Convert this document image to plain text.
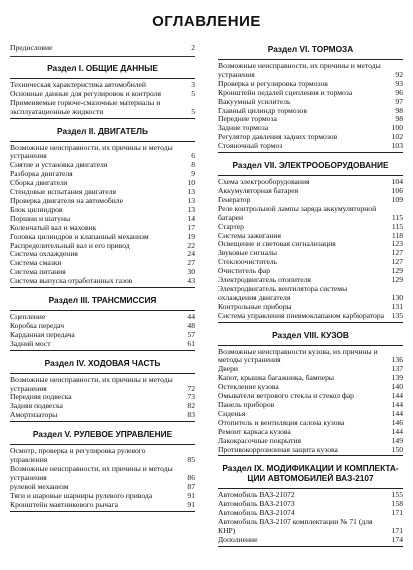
ОГЛАВЛЕНИЕ
Предисловие	2
Раздел I. ОБЩИЕ ДАННЫЕ
Техническая характеристика автомобилей	3
Основные данные для регулировок и контроля	5
Применяемые горюче-смазочные материалы и эксплуатационные жидкости	5
Раздел II. ДВИГАТЕЛЬ
Возможные неисправности, их причины и методы устранения	6
Снятие и установка двигателя	8
Разборка двигателя	9
Сборка двигателя	10
Стендовые испытания двигателя	13
Проверка двигателя на автомобиле	13
Блок цилиндров	13
Поршни и шатуны	14
Коленчатый вал и маховик	17
Головка цилиндров и клапанный механизм	19
Распределительный вал и его привод	22
Система охлаждения	24
Система смазки	27
Система питания	30
Система выпуска отработанных газов	43
Раздел III. ТРАНСМИССИЯ
Сцепление	44
Коробка передач	48
Карданная передача	57
Задний мост	61
Раздел IV. ХОДОВАЯ ЧАСТЬ
Возможные неисправности, их причины и методы устранения	72
Передняя подвеска	73
Задняя подвеска	82
Амортизаторы	83
Раздел V. РУЛЕВОЕ УПРАВЛЕНИЕ
Осмотр, проверка и регулировка рулевого управления	85
Возможные неисправности, их причины и методы устранения	86
рулевой механизм	87
Тяги и шаровые шарниры рулевого привода	91
Кронштейн маятникового рычага	91
Раздел VI. ТОРМОЗА
Возможные неисправности, их причины и методы устранения	92
Проверка и регулировка тормозов	93
Кронштейн педалей сцепления и тормоза	96
Вакуумный усилитель	97
Главный цилиндр тормозов	98
Передние тормоза	98
Задние тормоза	100
Регулятор давления задних тормозов	102
Стояночный тормоз	103
Раздел VII. ЭЛЕКТРООБОРУДОВАНИЕ
Схема электрооборудования	104
Аккумуляторная батарея	106
Генератор	109
Реле контрольной лампы заряда аккумуляторной батареи	115
Стартер	115
Система зажигания	118
Освещение и световая сигнализация	123
Звуковые сигналы	127
Стеклоочиститель	127
Очиститель фар	129
Электродвигатель отопителя	129
Электродвигатель вентилятора системы охлаждения двигателя	130
Контрольные приборы	131
Система управления пневмоклапаном карбюратора	135
Раздел VIII. КУЗОВ
Возможные неисправности кузова, их причины и методы устранения	136
Двери	137
Капот, крышка багажника, бамперы	139
Остекление кузова	140
Омыватели ветрового стекла и стекол фар	144
Панель приборов	144
Сиденья	144
Отопитель и вентиляция салона кузова	146
Ремонт каркаса кузова	144
Лакокрасочные покрытия	149
Противокоррозионная защита кузова	150
Раздел IX. МОДИФИКАЦИИ И КОМПЛЕКТА-
ЦИИ АВТОМОБИЛЕЙ ВАЗ-2107
Автомобиль ВАЗ-21072	155
Автомобиль ВАЗ-21073	158
Автомобиль ВАЗ-21074	171
Автомобиль ВАЗ-2107 комплектации № 71 (для КНР)	171
Дополнение	174
